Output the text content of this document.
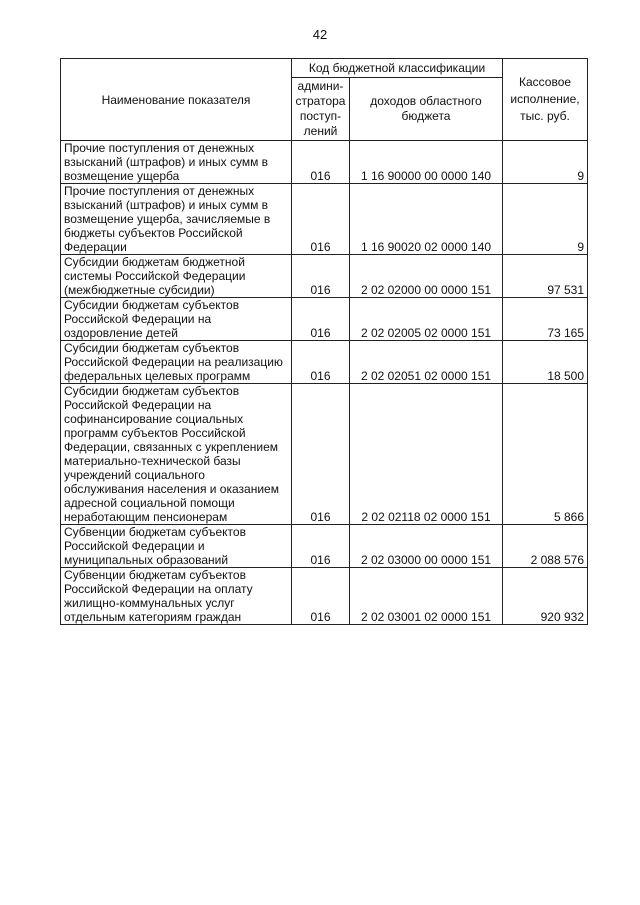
42
Наименование показателя	Код бюджетной классификации		Кассовое исполнение, тыс. руб.
	админи-стратора поступ-лений	доходов областного бюджета	
Прочие поступления от денежных взысканий (штрафов) и иных сумм в возмещение ущерба	016	1 16 90000 00 0000 140	9
Прочие поступления от денежных взысканий (штрафов) и иных сумм в возмещение ущерба, зачисляемые в бюджеты субъектов Российской Федерации	016	1 16 90020 02 0000 140	9
Субсидии бюджетам бюджетной системы Российской Федерации (межбюджетные субсидии)	016	2 02 02000 00 0000 151	97 531
Субсидии бюджетам субъектов Российской Федерации на оздоровление детей	016	2 02 02005 02 0000 151	73 165
Субсидии бюджетам субъектов Российской Федерации на реализацию федеральных целевых программ	016	2 02 02051 02 0000 151	18 500
Субсидии бюджетам субъектов Российской Федерации на софинансирование социальных программ субъектов Российской Федерации, связанных с укреплением материально-технической базы учреждений социального обслуживания населения и оказанием адресной социальной помощи неработающим пенсионерам	016	2 02 02118 02 0000 151	5 866
Субвенции бюджетам субъектов Российской Федерации и муниципальных образований	016	2 02 03000 00 0000 151	2 088 576
Субвенции бюджетам субъектов Российской Федерации на оплату жилищно-коммунальных услуг отдельным категориям граждан	016	2 02 03001 02 0000 151	920 932
